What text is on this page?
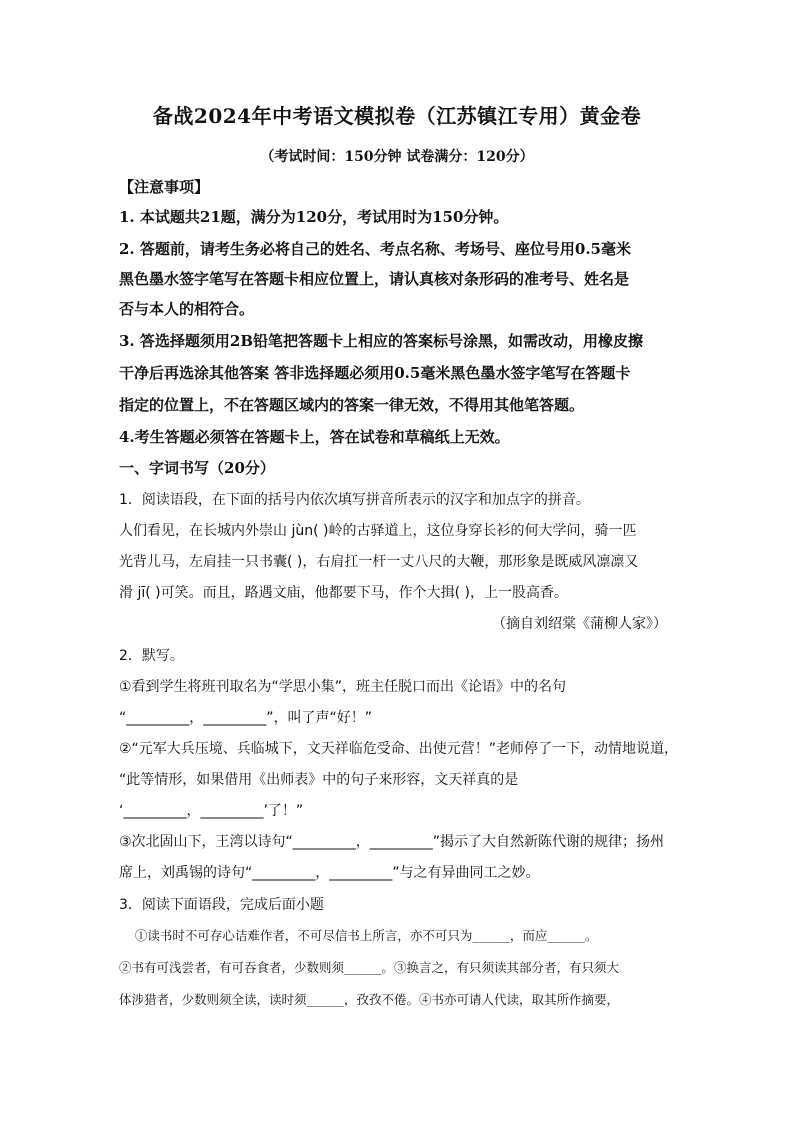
备战2024年中考语文模拟卷（江苏镇江专用）黄金卷
（考试时间：150分钟 试卷满分：120分）
【注意事项】
1. 本试题共21题，满分为120分，考试用时为150分钟。
2. 答题前，请考生务必将自己的姓名、考点名称、考场号、座位号用0.5毫米
黑色墨水签字笔写在答题卡相应位置上，请认真核对条形码的准考号、姓名是
否与本人的相符合。
3. 答选择题须用2B铅笔把答题卡上相应的答案标号涂黑，如需改动，用橡皮擦
干净后再选涂其他答案 答非选择题必须用0.5毫米黑色墨水签字笔写在答题卡
指定的位置上，不在答题区域内的答案一律无效，不得用其他笔答题。
4.考生答题必须答在答题卡上，答在试卷和草稿纸上无效。
一、字词书写（20分）
1．阅读语段，在下面的括号内依次填写拼音所表示的汉字和加点字的拼音。
人们看见，在长城内外崇山 jùn( )岭的古驿道上，这位身穿长衫的何大学问，骑一匹
光背儿马，左肩挂一只书囊( )，右肩扛一杆一丈八尺的大鞭，那形象是既威风凛凛又
滑 jī( )可笑。而且，路遇文庙，他都要下马，作个大揖( )，上一股高香。
（摘自刘绍棠《蒲柳人家》）
2．默写。
①看到学生将班刊取名为“学思小集”，班主任脱口而出《论语》中的名句
“_________，_________”，叫了声“好！”
②“元军大兵压境、兵临城下，文天祥临危受命、出使元营！”老师停了一下，动情地说道，
“此等情形，如果借用《出师表》中的句子来形容，文天祥真的是
‘_________，_________’了！”
③次北固山下，王湾以诗句“_________，_________”揭示了大自然新陈代谢的规律；扬州
席上，刘禹锡的诗句“_________，_________”与之有异曲同工之妙。
3．阅读下面语段，完成后面小题
①读书时不可存心诘难作者，不可尽信书上所言，亦不可只为______，而应______。
②书有可浅尝者，有可吞食者，少数则须______。③换言之，有只须读其部分者，有只须大
体涉猎者，少数则须全读，读时须______，孜孜不倦。④书亦可请人代读，取其所作摘要，
